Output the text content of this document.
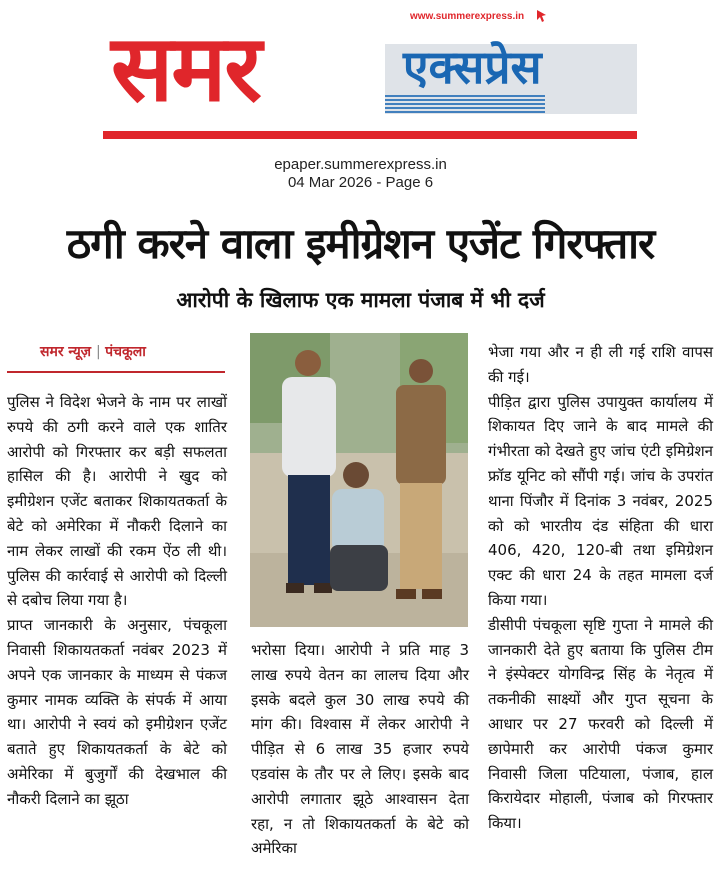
समर	एक्सप्रेस
www.summerexpress.in
epaper.summerexpress.in
04 Mar 2026 - Page 6
ठगी करने वाला इमीग्रेशन एजेंट गिरफ्तार
आरोपी के खिलाफ एक मामला पंजाब में भी दर्ज
समर न्यूज़ | पंचकूला

पुलिस ने विदेश भेजने के नाम पर लाखों रुपये की ठगी करने वाले एक शातिर आरोपी को गिरफ्तार कर बड़ी सफलता हासिल की है। आरोपी ने खुद को इमीग्रेशन एजेंट बताकर शिकायतकर्ता के बेटे को अमेरिका में नौकरी दिलाने का नाम लेकर लाखों की रकम ऐंठ ली थी। पुलिस की कार्रवाई से आरोपी को दिल्ली से दबोच लिया गया है।

प्राप्त जानकारी के अनुसार, पंचकूला निवासी शिकायतकर्ता नवंबर 2023 में अपने एक जानकार के माध्यम से पंकज कुमार नामक व्यक्ति के संपर्क में आया था। आरोपी ने स्वयं को इमीग्रेशन एजेंट बताते हुए शिकायतकर्ता के बेटे को अमेरिका में बुजुर्गों की देखभाल की नौकरी दिलाने का झूठा

भरोसा दिया। आरोपी ने प्रति माह 3 लाख रुपये वेतन का लालच दिया और इसके बदले कुल 30 लाख रुपये की मांग की। विश्वास में लेकर आरोपी ने पीड़ित से 6 लाख 35 हजार रुपये एडवांस के तौर पर ले लिए। इसके बाद आरोपी लगातार झूठे आश्वासन देता रहा, न तो शिकायतकर्ता के बेटे को अमेरिका

भेजा गया और न ही ली गई राशि वापस की गई।

पीड़ित द्वारा पुलिस उपायुक्त कार्यालय में शिकायत दिए जाने के बाद मामले की गंभीरता को देखते हुए जांच एंटी इमिग्रेशन फ्रॉड यूनिट को सौंपी गई। जांच के उपरांत थाना पिंजौर में दिनांक 3 नवंबर, 2025 को को भारतीय दंड संहिता की धारा 406, 420, 120-बी तथा इमिग्रेशन एक्ट की धारा 24 के तहत मामला दर्ज किया गया।

डीसीपी पंचकूला सृष्टि गुप्ता ने मामले की जानकारी देते हुए बताया कि पुलिस टीम ने इंस्पेक्टर योगविन्द्र सिंह के नेतृत्व में तकनीकी साक्ष्यों और गुप्त सूचना के आधार पर 27 फरवरी को दिल्ली में छापेमारी कर आरोपी पंकज कुमार निवासी जिला पटियाला, पंजाब, हाल किरायेदार मोहाली, पंजाब को गिरफ्तार किया।
